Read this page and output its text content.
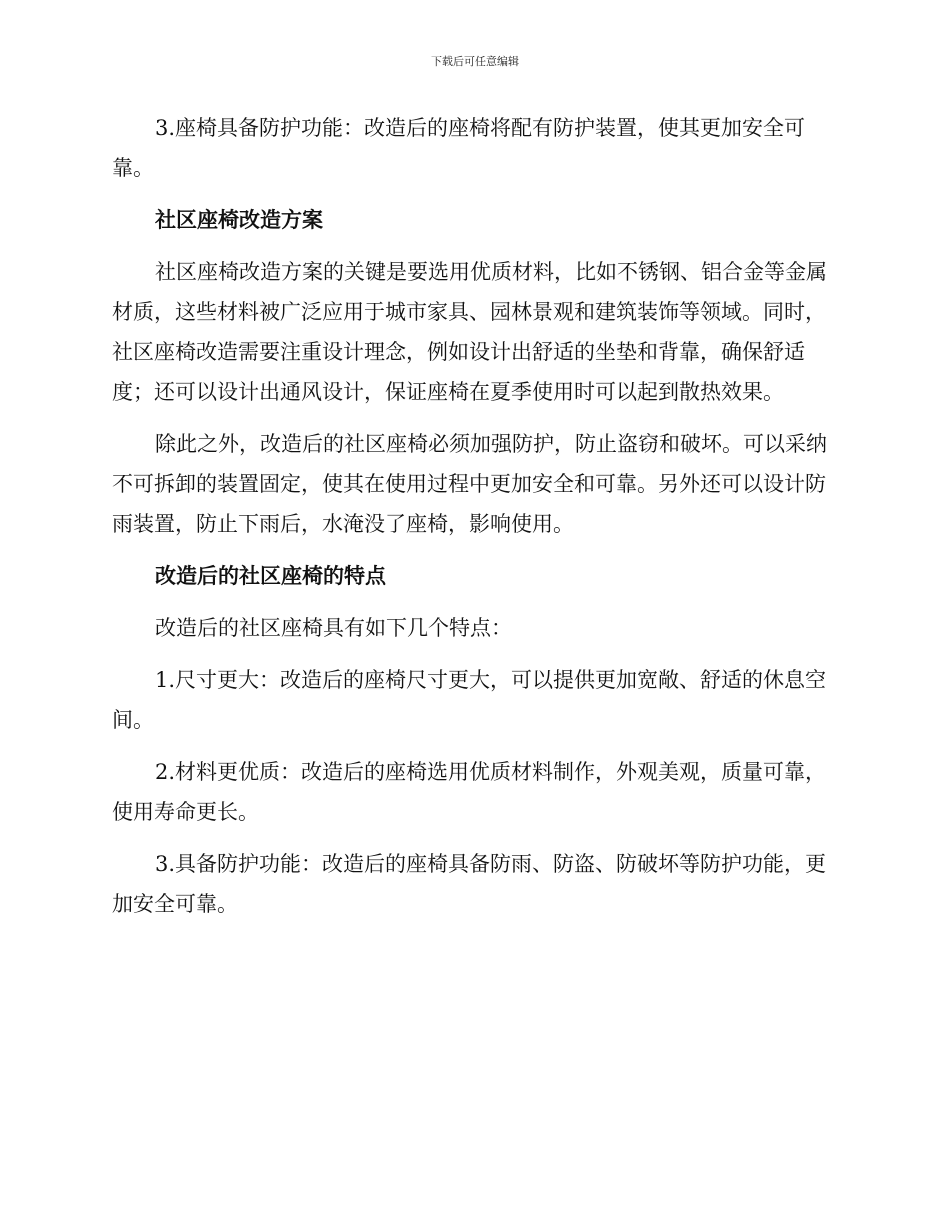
下载后可任意编辑

3.座椅具备防护功能：改造后的座椅将配有防护装置，使其更加安全可靠。

社区座椅改造方案

社区座椅改造方案的关键是要选用优质材料，比如不锈钢、铝合金等金属材质，这些材料被广泛应用于城市家具、园林景观和建筑装饰等领域。同时，社区座椅改造需要注重设计理念，例如设计出舒适的坐垫和背靠，确保舒适度；还可以设计出通风设计，保证座椅在夏季使用时可以起到散热效果。

除此之外，改造后的社区座椅必须加强防护，防止盗窃和破坏。可以采纳不可拆卸的装置固定，使其在使用过程中更加安全和可靠。另外还可以设计防雨装置，防止下雨后，水淹没了座椅，影响使用。

改造后的社区座椅的特点

改造后的社区座椅具有如下几个特点：

1.尺寸更大：改造后的座椅尺寸更大，可以提供更加宽敞、舒适的休息空间。

2.材料更优质：改造后的座椅选用优质材料制作，外观美观，质量可靠，使用寿命更长。

3.具备防护功能：改造后的座椅具备防雨、防盗、防破坏等防护功能，更加安全可靠。
